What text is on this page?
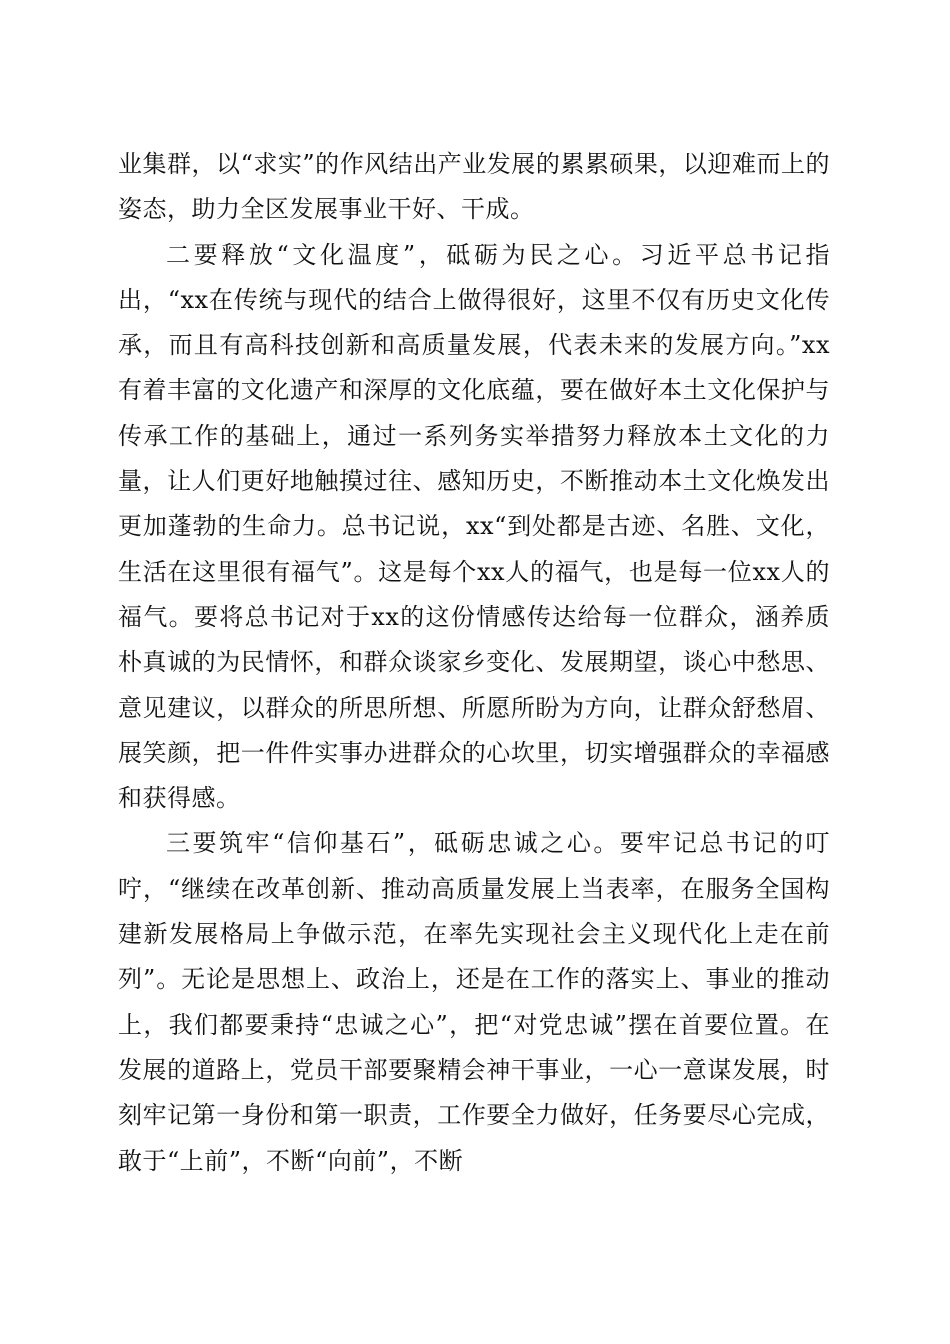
业集群，以“求实”的作风结出产业发展的累累硕果，以迎难而上的姿态，助力全区发展事业干好、干成。

二要释放“文化温度”，砥砺为民之心。习近平总书记指出，“xx在传统与现代的结合上做得很好，这里不仅有历史文化传承，而且有高科技创新和高质量发展，代表未来的发展方向。”xx有着丰富的文化遗产和深厚的文化底蕴，要在做好本土文化保护与传承工作的基础上，通过一系列务实举措努力释放本土文化的力量，让人们更好地触摸过往、感知历史，不断推动本土文化焕发出更加蓬勃的生命力。总书记说，xx“到处都是古迹、名胜、文化，生活在这里很有福气”。这是每个xx人的福气，也是每一位xx人的福气。要将总书记对于xx的这份情感传达给每一位群众，涵养质朴真诚的为民情怀，和群众谈家乡变化、发展期望，谈心中愁思、意见建议，以群众的所思所想、所愿所盼为方向，让群众舒愁眉、展笑颜，把一件件实事办进群众的心坎里，切实增强群众的幸福感和获得感。

三要筑牢“信仰基石”，砥砺忠诚之心。要牢记总书记的叮咛，“继续在改革创新、推动高质量发展上当表率，在服务全国构建新发展格局上争做示范，在率先实现社会主义现代化上走在前列”。无论是思想上、政治上，还是在工作的落实上、事业的推动上，我们都要秉持“忠诚之心”，把“对党忠诚”摆在首要位置。在发展的道路上，党员干部要聚精会神干事业，一心一意谋发展，时刻牢记第一身份和第一职责，工作要全力做好，任务要尽心完成，敢于“上前”，不断“向前”，不断
